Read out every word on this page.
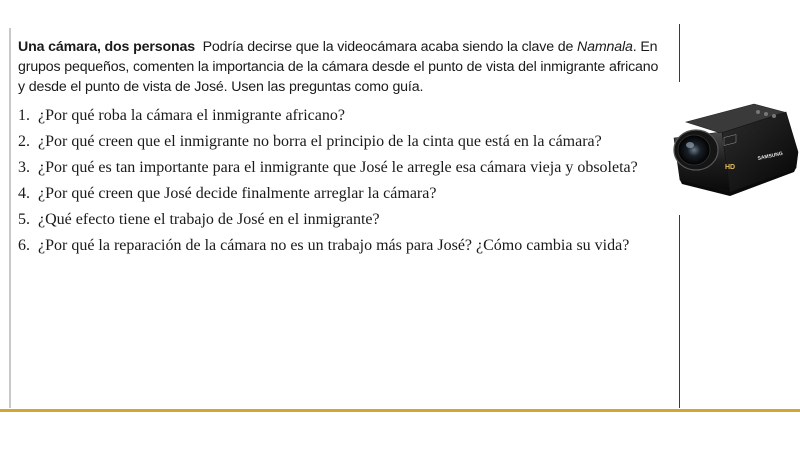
Una cámara, dos personas Podría decirse que la videocámara acaba siendo la clave de Namnala. En grupos pequeños, comenten la importancia de la cámara desde el punto de vista del inmigrante africano y desde el punto de vista de José. Usen las preguntas como guía.

1. ¿Por qué roba la cámara el inmigrante africano?
2. ¿Por qué creen que el inmigrante no borra el principio de la cinta que está en la cámara?
3. ¿Por qué es tan importante para el inmigrante que José le arregle esa cámara vieja y obsoleta?
4. ¿Por qué creen que José decide finalmente arreglar la cámara?
5. ¿Qué efecto tiene el trabajo de José en el inmigrante?
6. ¿Por qué la reparación de la cámara no es un trabajo más para José? ¿Cómo cambia su vida?
HD
SAMSUNG
